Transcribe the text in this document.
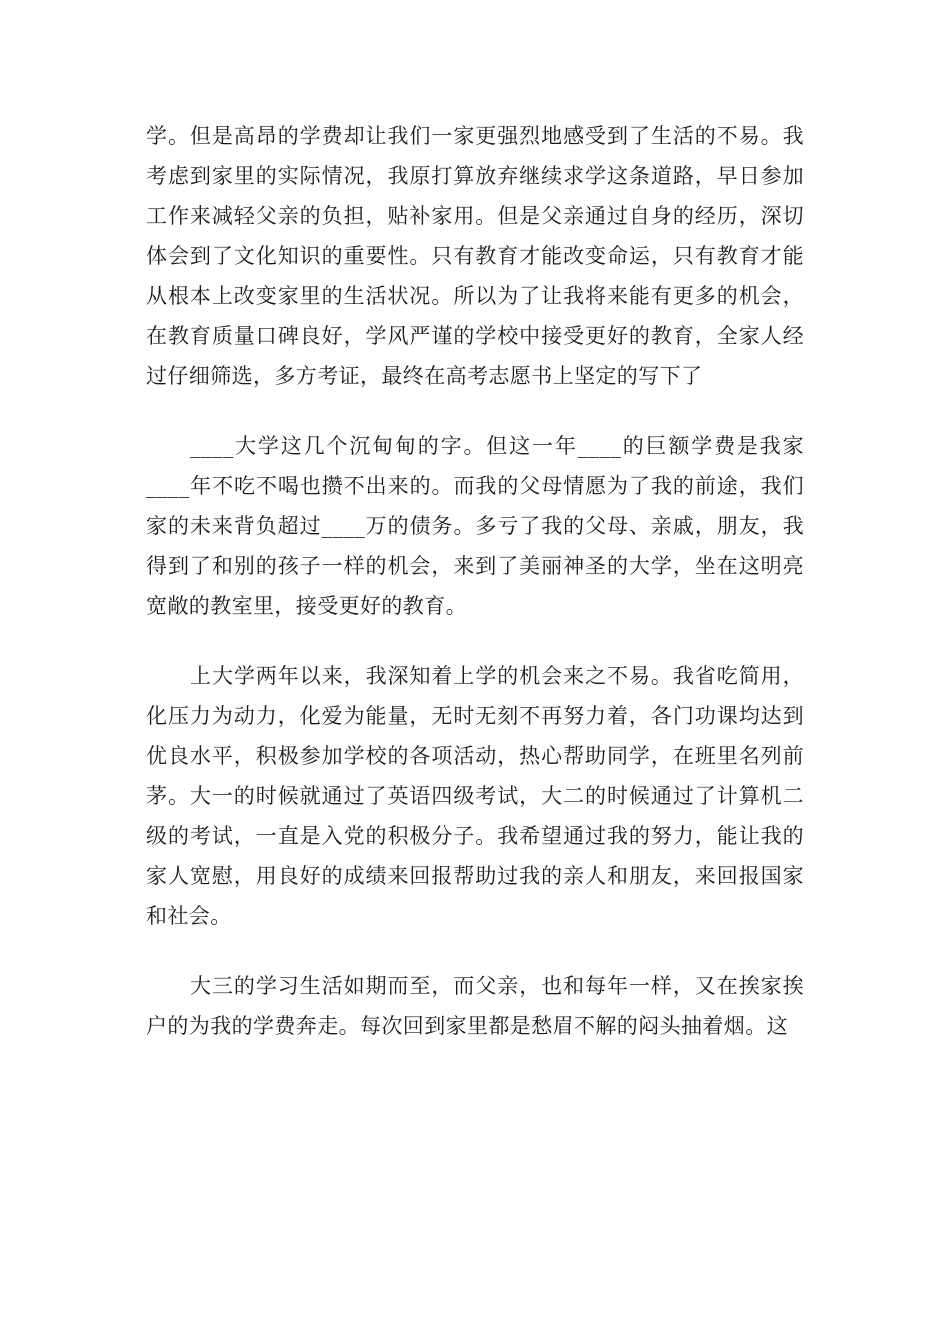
学。但是高昂的学费却让我们一家更强烈地感受到了生活的不易。我考虑到家里的实际情况，我原打算放弃继续求学这条道路，早日参加工作来减轻父亲的负担，贴补家用。但是父亲通过自身的经历，深切体会到了文化知识的重要性。只有教育才能改变命运，只有教育才能从根本上改变家里的生活状况。所以为了让我将来能有更多的机会，在教育质量口碑良好，学风严谨的学校中接受更好的教育，全家人经过仔细筛选，多方考证，最终在高考志愿书上坚定的写下了

____大学这几个沉甸甸的字。但这一年____的巨额学费是我家____年不吃不喝也攒不出来的。而我的父母情愿为了我的前途，我们家的未来背负超过____万的债务。多亏了我的父母、亲戚，朋友，我得到了和别的孩子一样的机会，来到了美丽神圣的大学，坐在这明亮宽敞的教室里，接受更好的教育。

上大学两年以来，我深知着上学的机会来之不易。我省吃简用，化压力为动力，化爱为能量，无时无刻不再努力着，各门功课均达到优良水平，积极参加学校的各项活动，热心帮助同学，在班里名列前茅。大一的时候就通过了英语四级考试，大二的时候通过了计算机二级的考试，一直是入党的积极分子。我希望通过我的努力，能让我的家人宽慰，用良好的成绩来回报帮助过我的亲人和朋友，来回报国家和社会。

大三的学习生活如期而至，而父亲，也和每年一样，又在挨家挨户的为我的学费奔走。每次回到家里都是愁眉不解的闷头抽着烟。这
